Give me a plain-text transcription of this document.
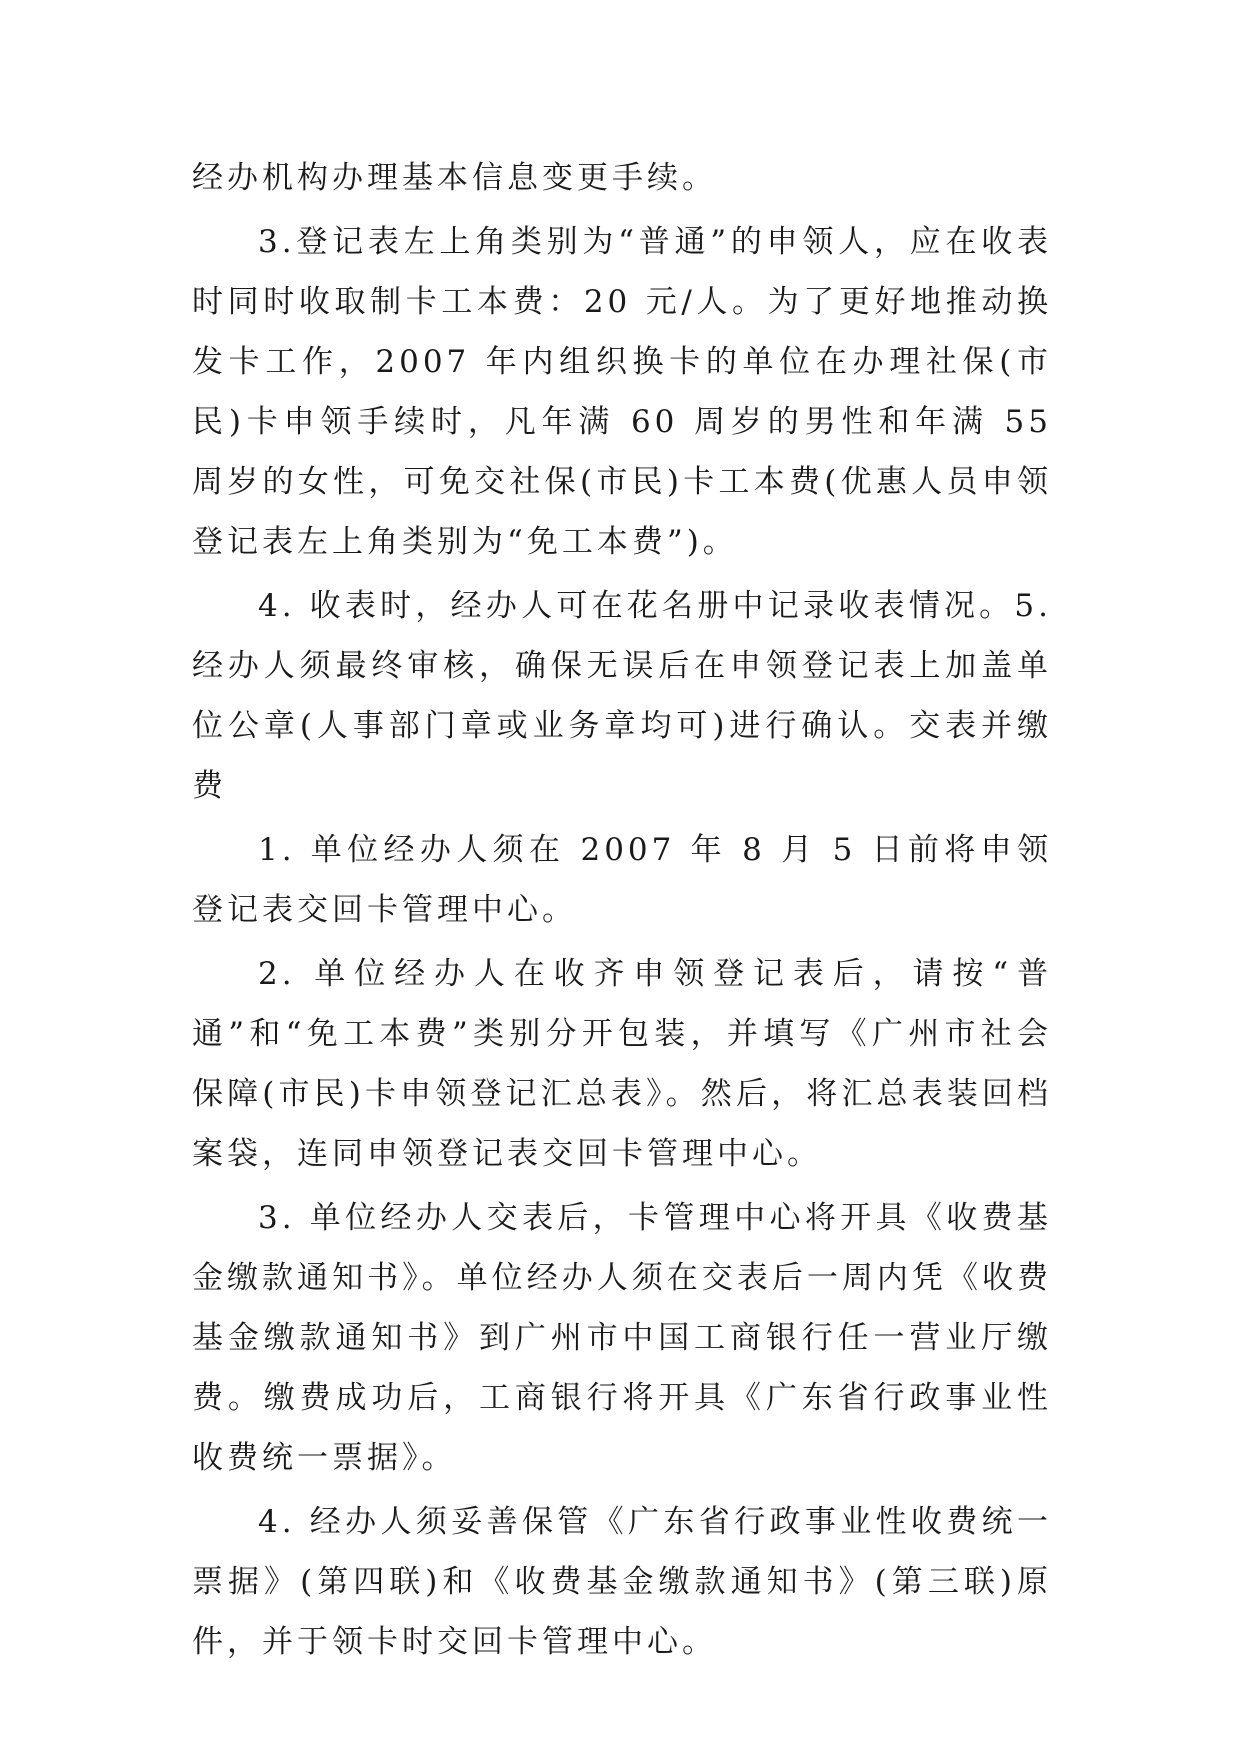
经办机构办理基本信息变更手续。

3.登记表左上角类别为“普通”的申领人，应在收表时同时收取制卡工本费：20 元/人。为了更好地推动换发卡工作，2007 年内组织换卡的单位在办理社保(市民)卡申领手续时，凡年满 60 周岁的男性和年满 55 周岁的女性，可免交社保(市民)卡工本费(优惠人员申领登记表左上角类别为“免工本费”)。

4. 收表时，经办人可在花名册中记录收表情况。5.经办人须最终审核，确保无误后在申领登记表上加盖单位公章(人事部门章或业务章均可)进行确认。交表并缴费

1. 单位经办人须在 2007 年 8 月 5 日前将申领登记表交回卡管理中心。

2. 单位经办人在收齐申领登记表后，请按“普通”和“免工本费”类别分开包装，并填写《广州市社会保障(市民)卡申领登记汇总表》。然后，将汇总表装回档案袋，连同申领登记表交回卡管理中心。

3. 单位经办人交表后，卡管理中心将开具《收费基金缴款通知书》。单位经办人须在交表后一周内凭《收费基金缴款通知书》到广州市中国工商银行任一营业厅缴费。缴费成功后，工商银行将开具《广东省行政事业性收费统一票据》。

4. 经办人须妥善保管《广东省行政事业性收费统一票据》(第四联)和《收费基金缴款通知书》(第三联)原件，并于领卡时交回卡管理中心。
